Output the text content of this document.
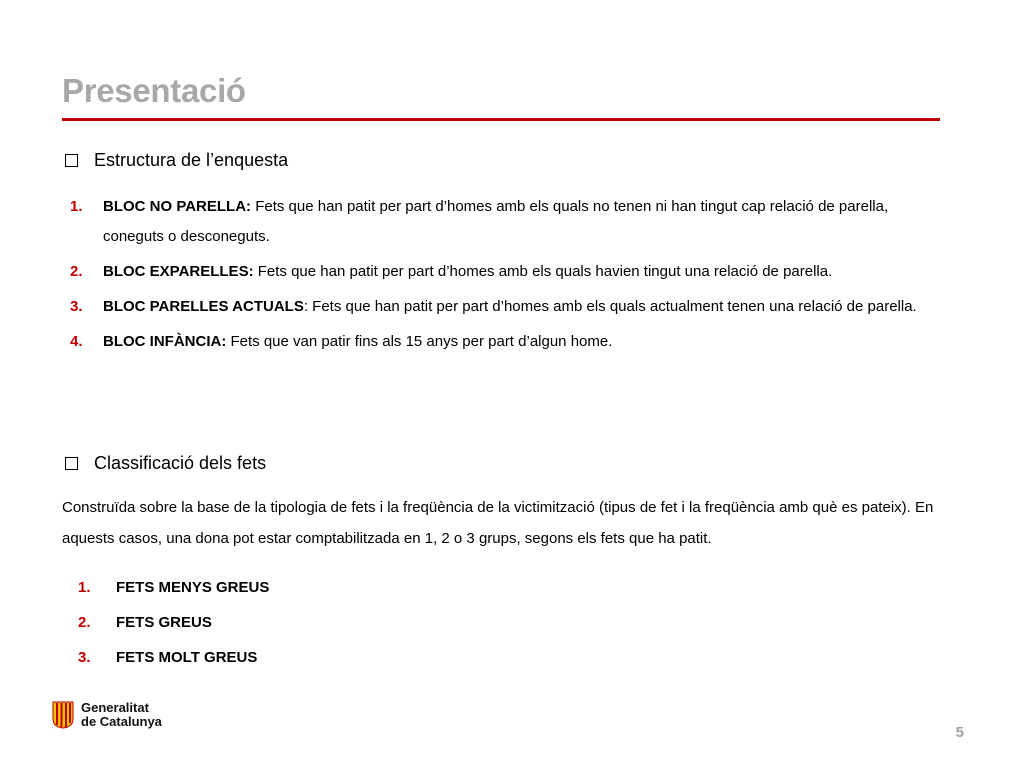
Presentació
Estructura de l’enquesta
1. BLOC NO PARELLA: Fets que han patit per part d’homes amb els quals no tenen ni han tingut cap relació de parella, coneguts o desconeguts.
2. BLOC EXPARELLES: Fets que han patit per part d’homes amb els quals havien tingut una relació de parella.
3. BLOC PARELLES ACTUALS: Fets que han patit per part d’homes amb els quals actualment tenen una relació de parella.
4. BLOC INFÀNCIA: Fets que van patir fins als 15 anys per part d’algun home.
Classificació dels fets
Construïda sobre la base de la tipologia de fets i la freqüència de la victimització (tipus de fet i la freqüència amb què es pateix). En aquests casos, una dona pot estar comptabilitzada en 1, 2 o 3 grups, segons els fets que ha patit.
1. FETS MENYS GREUS
2. FETS GREUS
3. FETS MOLT GREUS
Generalitat
de Catalunya
5
